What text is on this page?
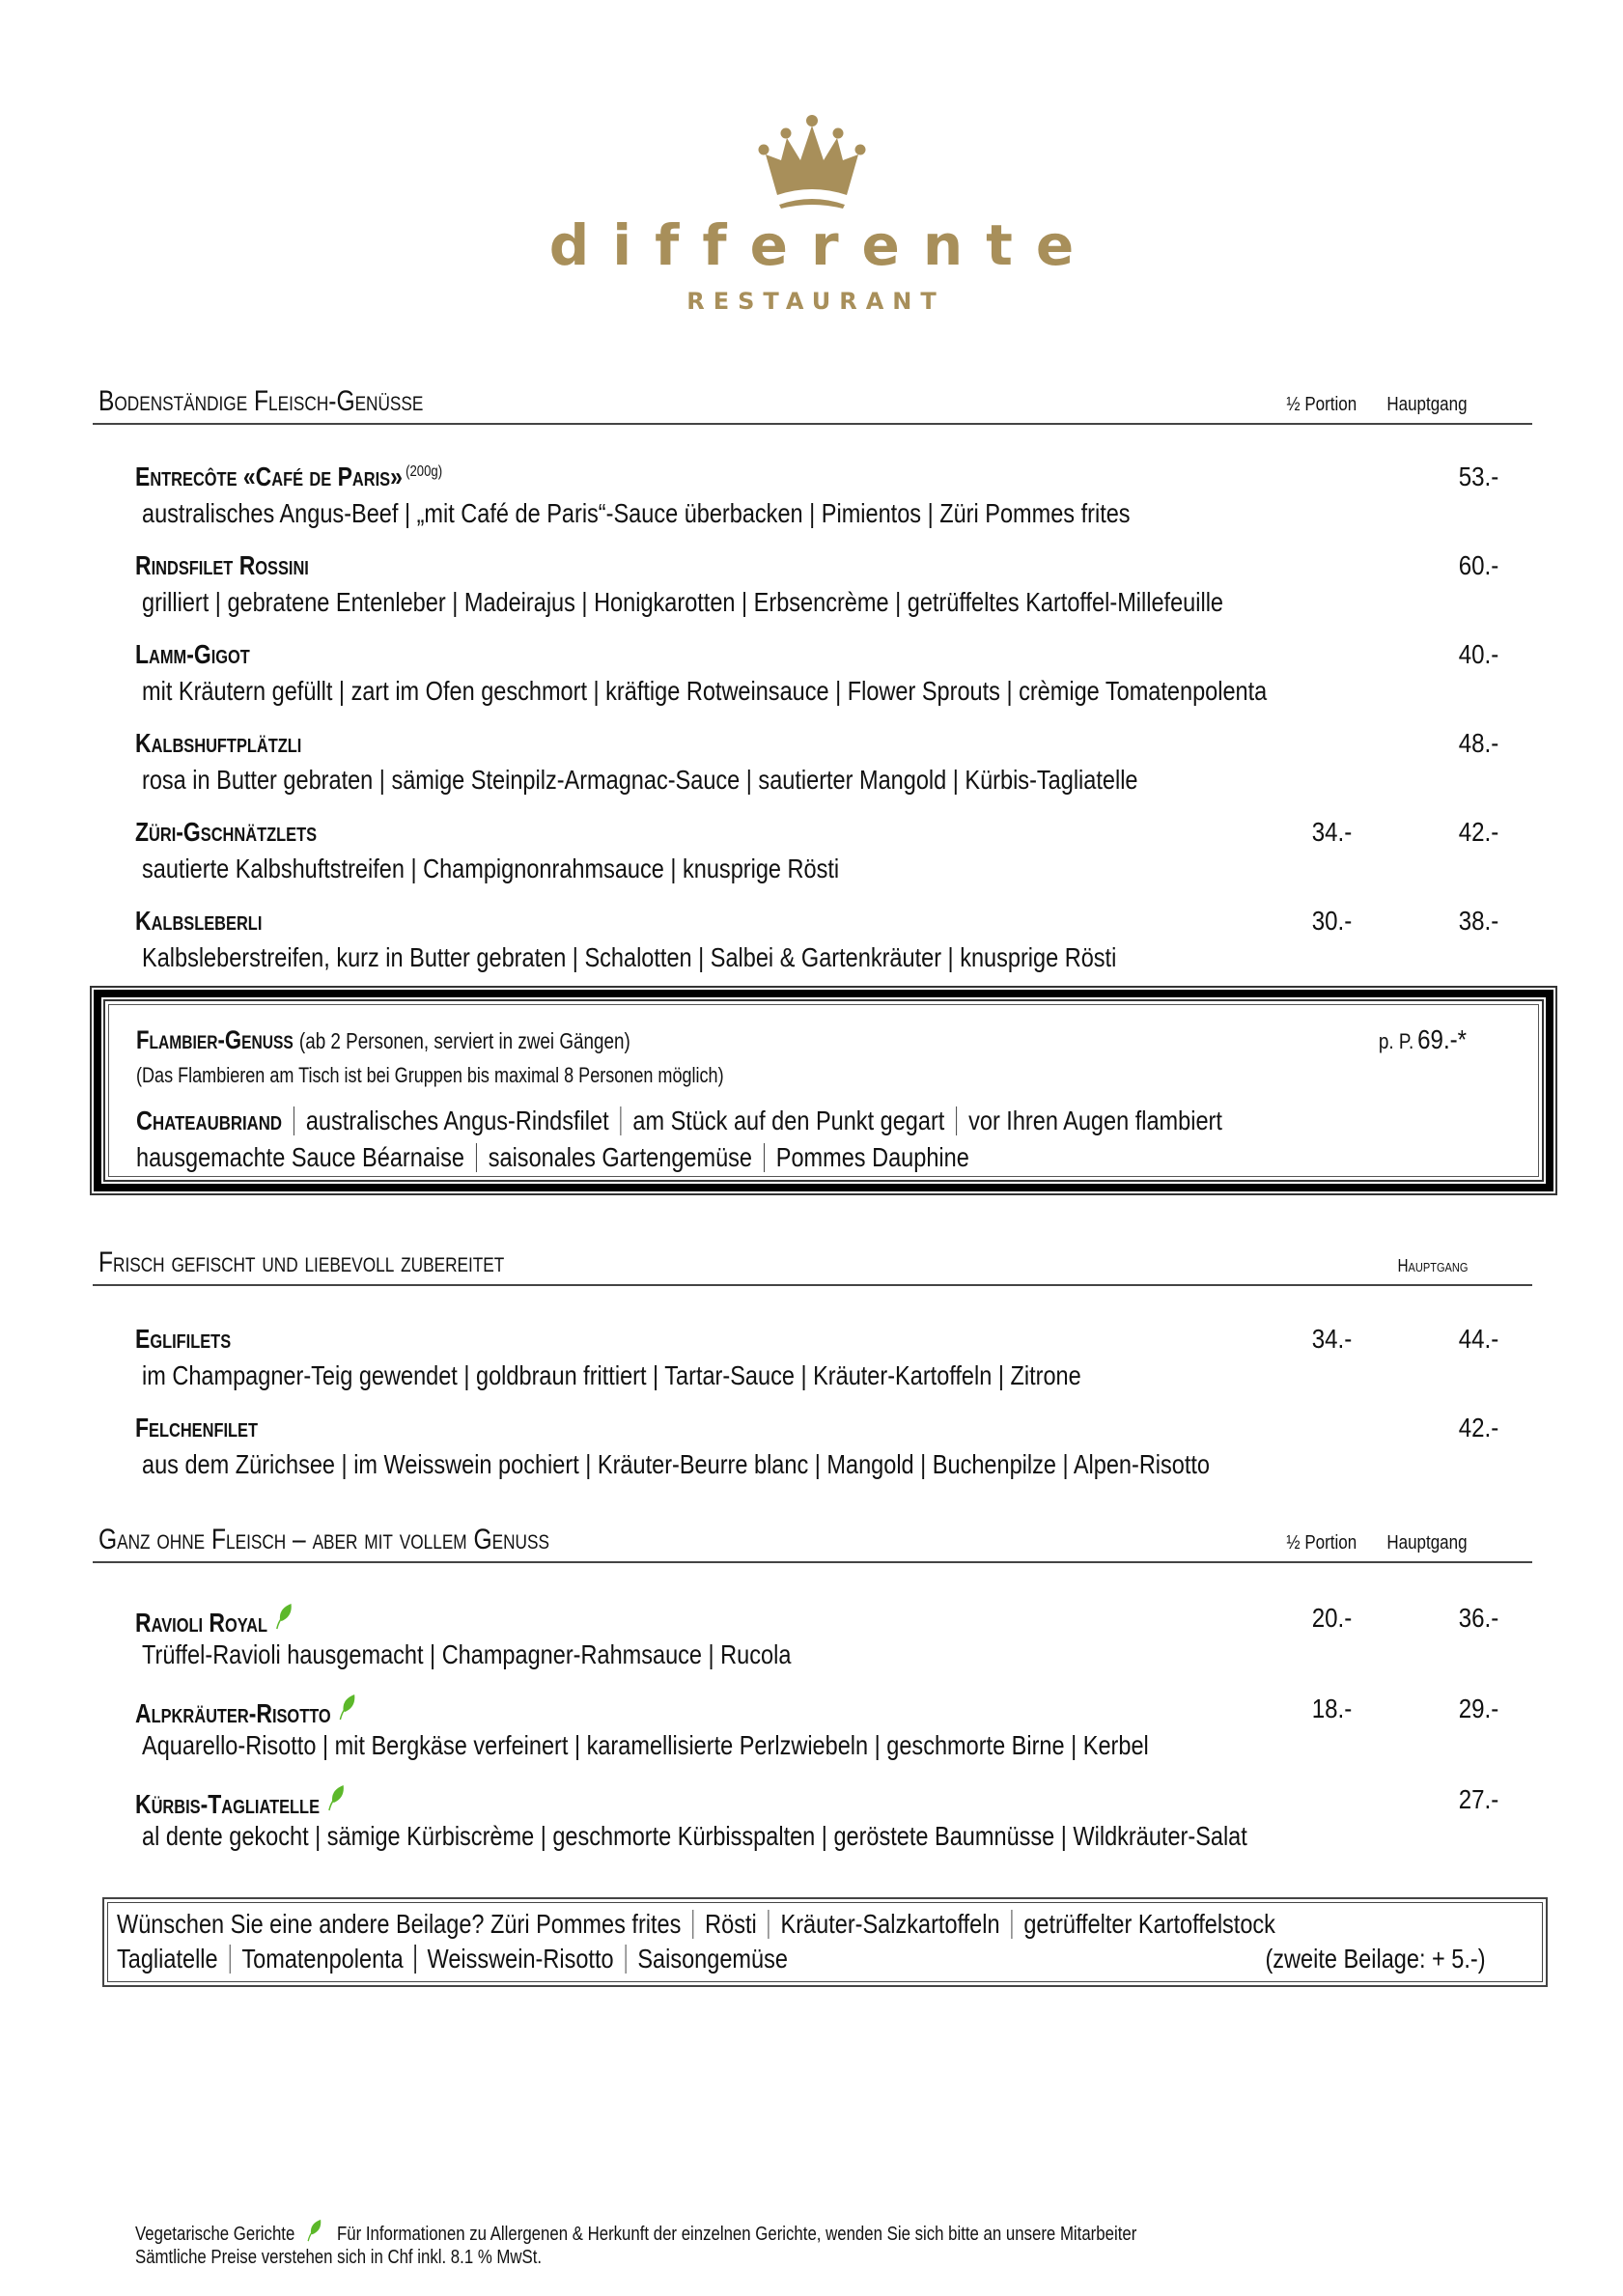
differente
RESTAURANT
Bodenständige Fleisch-Genüsse	½ Portion Hauptgang
Entrecôte «Café de Paris» $^{(200g)}$
australisches Angus-Beef | „mit Café de Paris“-Sauce überbacken | Pimientos | Züri Pommes frites
53.-
Rindsfilet Rossini
grilliert | gebratene Entenleber | Madeirajus | Honigkarotten | Erbsencrème | getrüffeltes Kartoffel-Millefeuille
60.-
Lamm-Gigot
mit Kräutern gefüllt | zart im Ofen geschmort | kräftige Rotweinsauce | Flower Sprouts | crèmige Tomatenpolenta
40.-
Kalbshuftplätzli
rosa in Butter gebraten | sämige Steinpilz-Armagnac-Sauce | sautierter Mangold | Kürbis-Tagliatelle
48.-
Züri-Gschnätzlets
sautierte Kalbshuftstreifen | Champignonrahmsauce | knusprige Rösti
34.-	42.-
Kalbsleberli
Kalbsleberstreifen, kurz in Butter gebraten | Schalotten | Salbei & Gartenkräuter | knusprige Rösti
30.-	38.-
Flambier-Genuss (ab 2 Personen, serviert in zwei Gängen)
(Das Flambieren am Tisch ist bei Gruppen bis maximal 8 Personen möglich)
p. P. 69.-*
Chateaubriand australisches Angus-Rindsfilet am Stück auf den Punkt gegart vor Ihren Augen flambiert
hausgemachte Sauce Béarnaise saisonales Gartengemüse Pommes Dauphine
Frisch gefischt und liebevoll zubereitet	Hauptgang
Eglifilets
im Champagner-Teig gewendet | goldbraun frittiert | Tartar-Sauce | Kräuter-Kartoffeln | Zitrone
34.-	44.-
Felchenfilet
aus dem Zürichsee | im Weisswein pochiert | Kräuter-Beurre blanc | Mangold | Buchenpilze | Alpen-Risotto
42.-
Ganz ohne Fleisch – aber mit vollem Genuss	½ Portion Hauptgang
Ravioli Royal
Trüffel-Ravioli hausgemacht | Champagner-Rahmsauce | Rucola
20.-	36.-
Alpkräuter-Risotto
Aquarello-Risotto | mit Bergkäse verfeinert | karamellisierte Perlzwiebeln | geschmorte Birne | Kerbel
18.-	29.-
Kürbis-Tagliatelle
al dente gekocht | sämige Kürbiscrème | geschmorte Kürbisspalten | geröstete Baumnüsse | Wildkräuter-Salat
27.-
Wünschen Sie eine andere Beilage? Züri Pommes frites Rösti Kräuter-Salzkartoffeln getrüffelter Kartoffelstock
Tagliatelle Tomatenpolenta Weisswein-Risotto Saisongemüse	(zweite Beilage: + 5.-)
Vegetarische Gerichte Für Informationen zu Allergenen & Herkunft der einzelnen Gerichte, wenden Sie sich bitte an unsere Mitarbeiter
Sämtliche Preise verstehen sich in Chf inkl. 8.1 % MwSt.
